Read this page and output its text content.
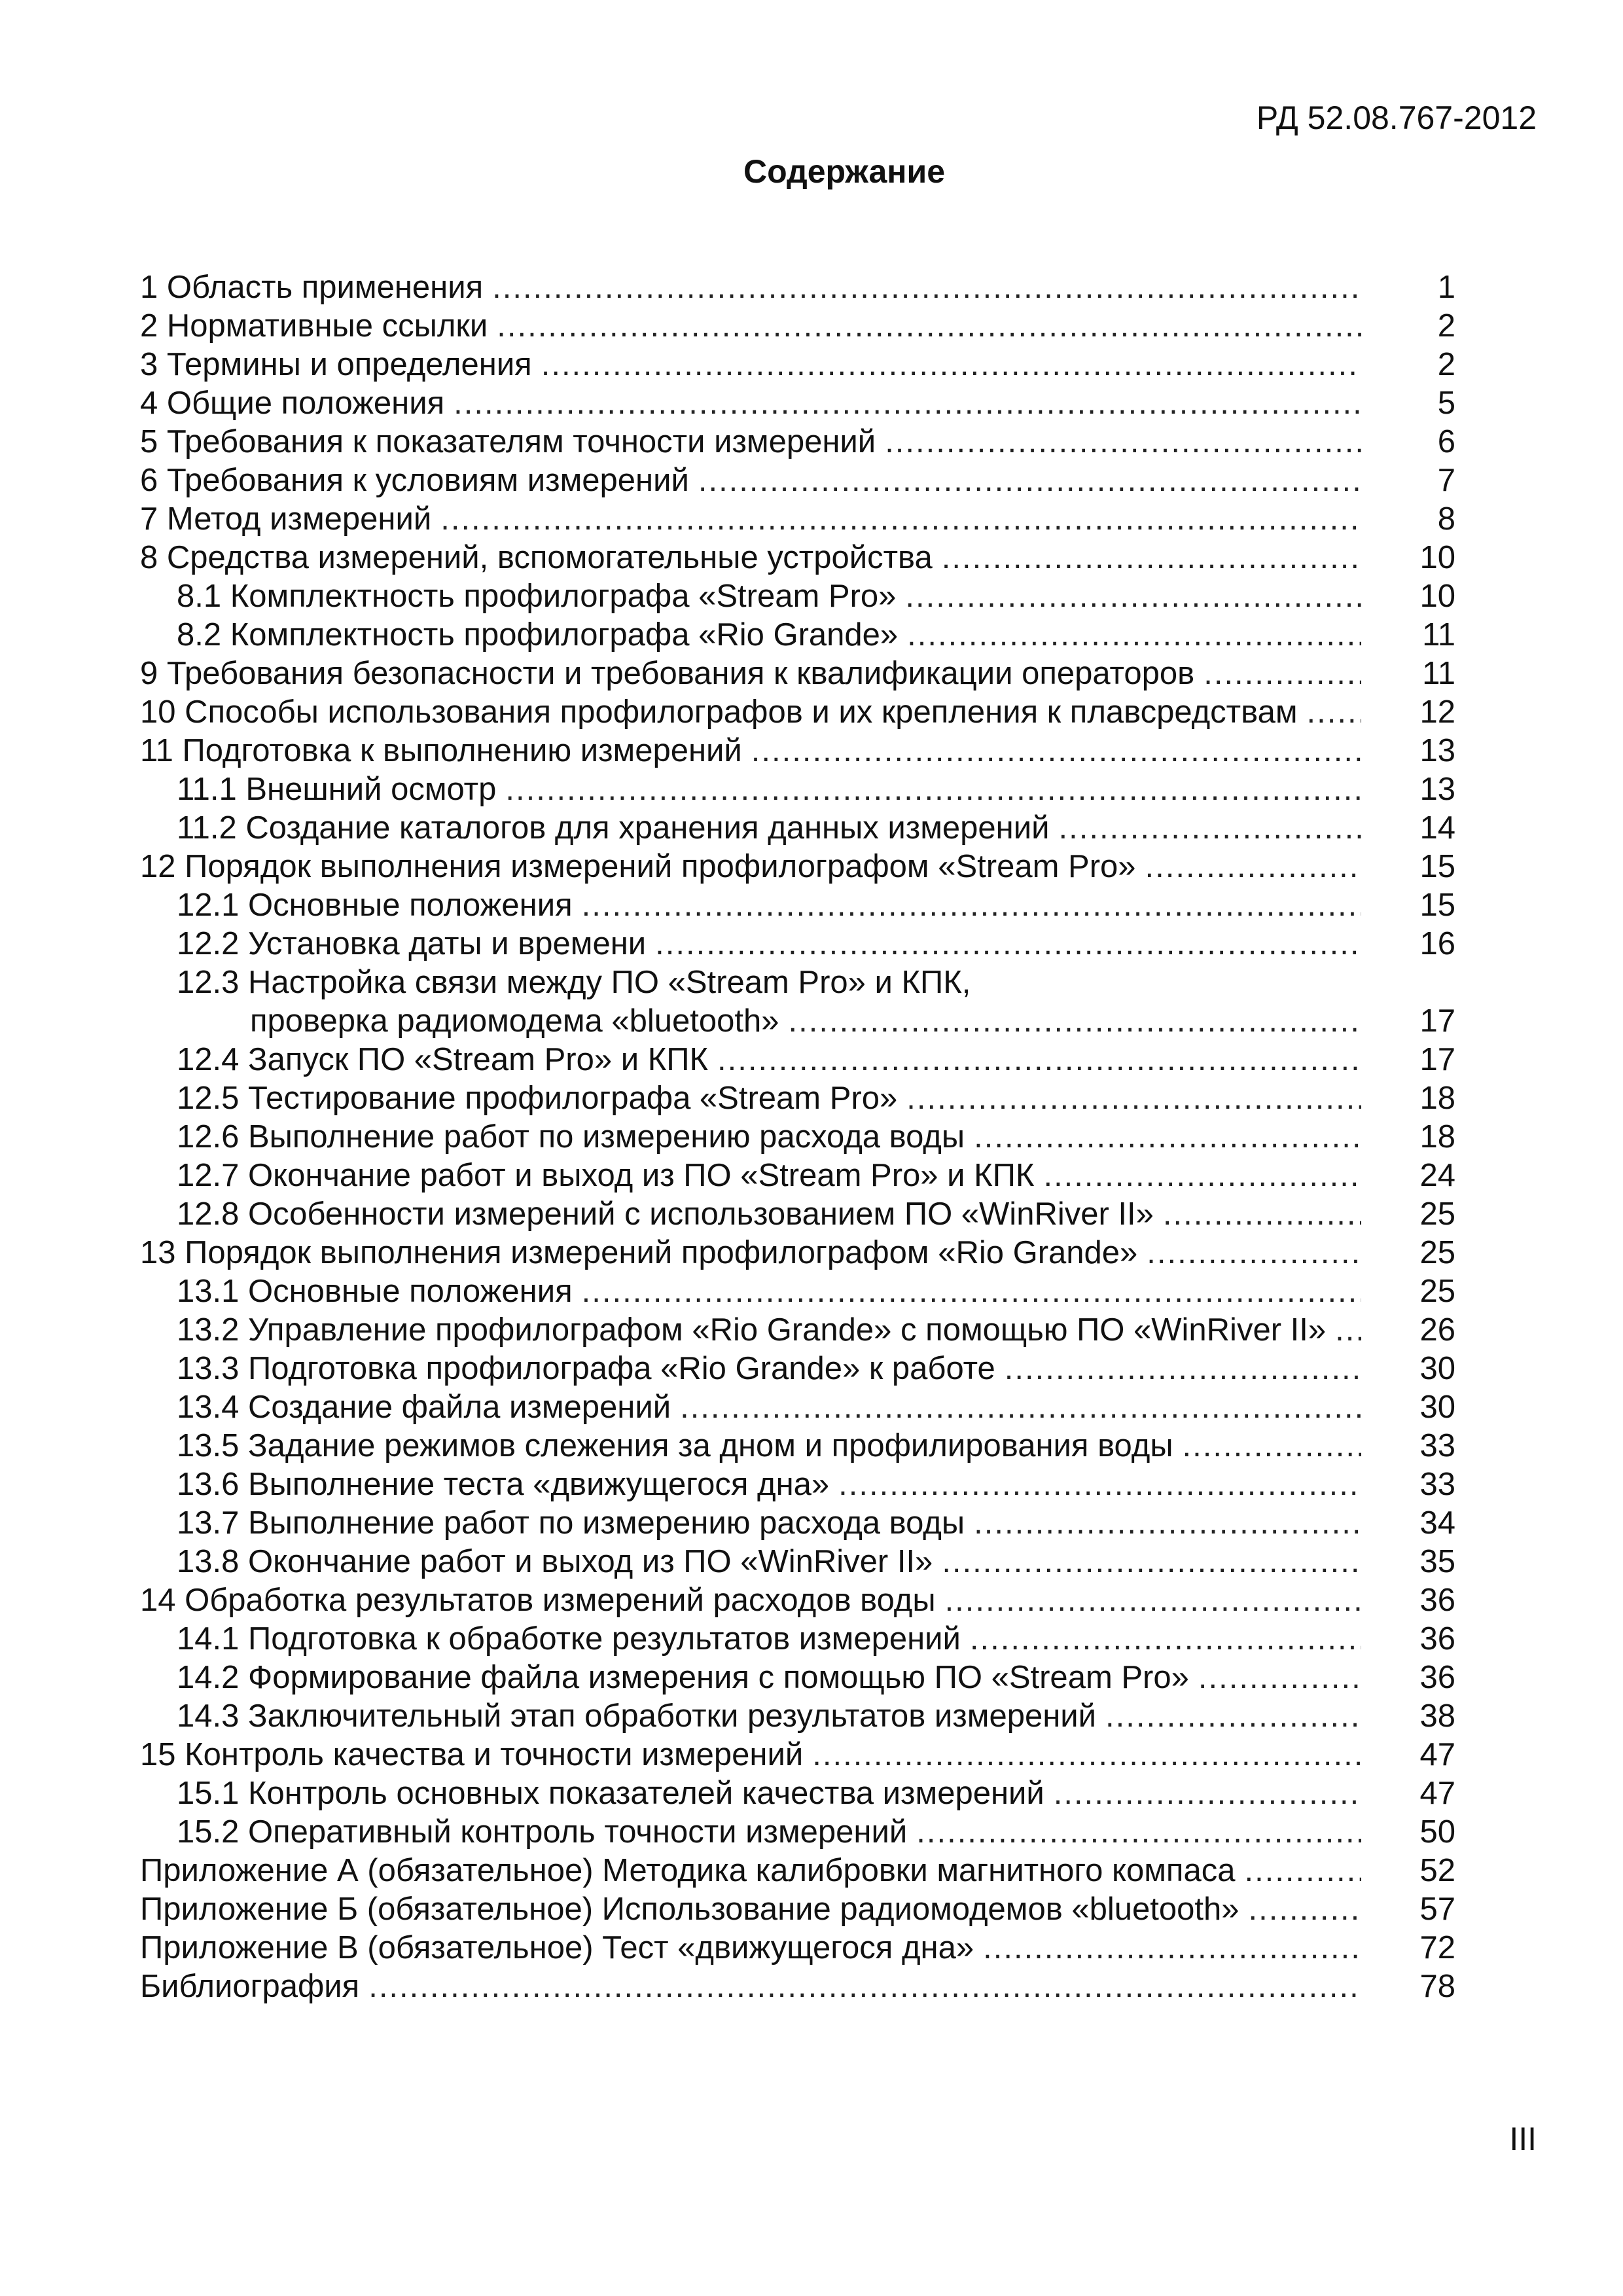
РД 52.08.767-2012
Содержание
1 Область применения .....	1
2 Нормативные ссылки .....	2
3 Термины и определения .....	2
4 Общие положения .....	5
5 Требования к показателям точности измерений .....	6
6 Требования к условиям измерений .....	7
7 Метод измерений .....	8
8 Средства измерений, вспомогательные устройства .....	10
8.1 Комплектность профилографа «Stream Pro» .....	10
8.2 Комплектность профилографа «Rio Grande» .....	11
9 Требования безопасности и требования к квалификации операторов .....	11
10 Способы использования профилографов и их крепления к плавсредствам .....	12
11 Подготовка к выполнению измерений .....	13
11.1 Внешний осмотр .....	13
11.2 Создание каталогов для хранения данных измерений .....	14
12 Порядок выполнения измерений профилографом «Stream Pro» .....	15
12.1 Основные положения .....	15
12.2 Установка даты и времени .....	16
12.3 Настройка связи между ПО «Stream Pro» и КПК,
проверка радиомодема «bluetooth» .....	17
12.4 Запуск ПО «Stream Pro» и КПК .....	17
12.5 Тестирование профилографа «Stream Pro» .....	18
12.6 Выполнение работ по измерению расхода воды .....	18
12.7 Окончание работ и выход из ПО «Stream Pro» и КПК .....	24
12.8 Особенности измерений с использованием ПО «WinRiver II» .....	25
13 Порядок выполнения измерений профилографом «Rio Grande» .....	25
13.1 Основные положения .....	25
13.2 Управление профилографом «Rio Grande» с помощью ПО «WinRiver II» .....	26
13.3 Подготовка профилографа «Rio Grande» к работе .....	30
13.4 Создание файла измерений .....	30
13.5 Задание режимов слежения за дном и профилирования воды .....	33
13.6 Выполнение теста «движущегося дна» .....	33
13.7 Выполнение работ по измерению расхода воды .....	34
13.8 Окончание работ и выход из ПО «WinRiver II» .....	35
14 Обработка результатов измерений расходов воды .....	36
14.1 Подготовка к обработке результатов измерений .....	36
14.2 Формирование файла измерения с помощью ПО «Stream Pro» .....	36
14.3 Заключительный этап обработки результатов измерений .....	38
15 Контроль качества и точности измерений .....	47
15.1 Контроль основных показателей качества измерений .....	47
15.2 Оперативный контроль точности измерений .....	50
Приложение А (обязательное) Методика калибровки магнитного компаса .....	52
Приложение Б (обязательное) Использование радиомодемов «bluetooth» .....	57
Приложение В (обязательное) Тест «движущегося дна» .....	72
Библиография .....	78
III
